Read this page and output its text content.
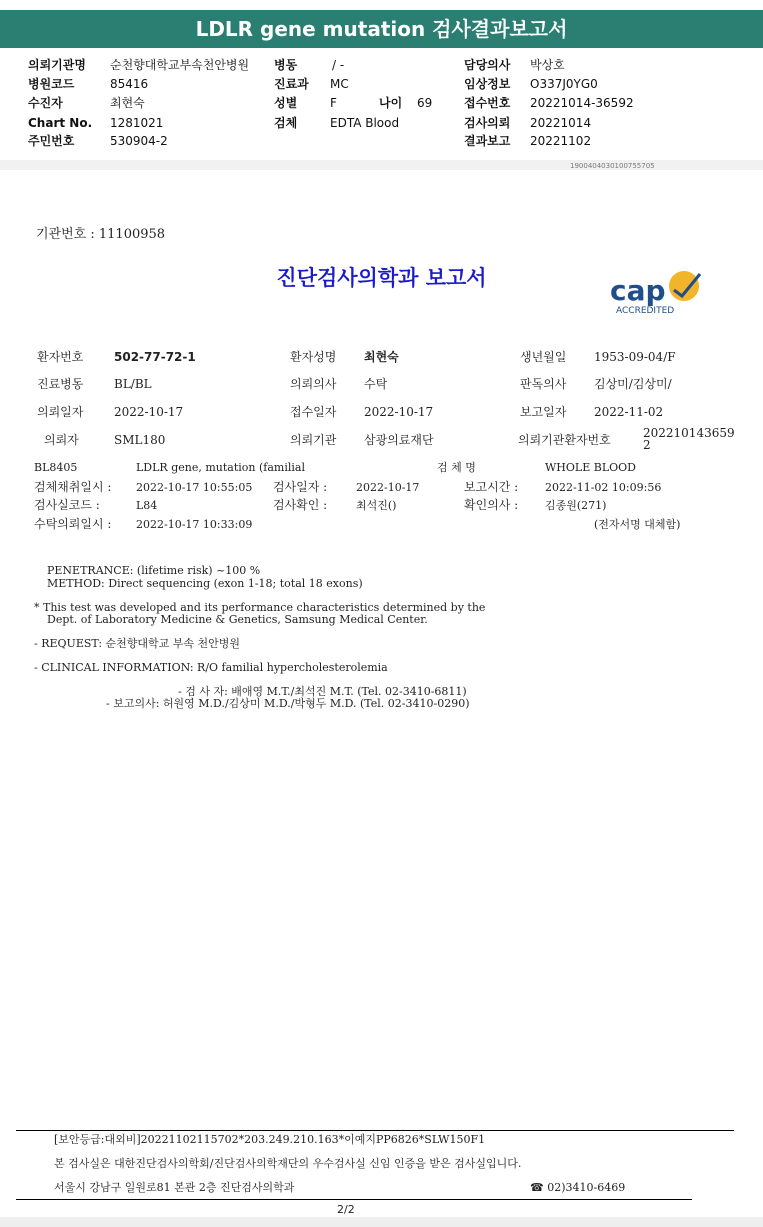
LDLR gene mutation 검사결과보고서
의뢰기관명 순천향대학교부속천안병원
병원코드	85416
수진자	최현숙
Chart No. 1281021
주민번호	530904-2
병동	/ -
진료과 MC
성별	F	나이 69
검체	EDTA Blood
담당의사 박상호
임상정보 O337J0YG0
접수번호 20221014-36592
검사의뢰 20221014
결과보고 20221102
1900404030100755705
기관번호 : 11100958
진단검사의학과 보고서	cap
ACCREDITED
환자번호	502-77-72-1	환자성명 최현숙	생년월일 1953-09-04/F
진료병동	BL/BL	의뢰의사 수탁	판독의사 김상미/김상미/
의뢰일자	2022-10-17	접수일자 2022-10-17	보고일자 2022-11-02
의뢰자	SML180	의뢰기관 삼광의료재단	의뢰기관환자번호	2022101436592
BL8405	LDLR gene, mutation (familial	검 체 명	WHOLE BLOOD
검체채취일시 : 2022-10-17 10:55:05 검사일자 :	2022-10-17	보고시간 : 2022-11-02 10:09:56
검사실코드 :	L84	검사확인 :	최석진()	확인의사 : 김종원(271)
수탁의뢰일시 : 2022-10-17 10:33:09	(전자서명 대체함)
PENETRANCE: (lifetime risk) ~100 %
METHOD: Direct sequencing (exon 1-18; total 18 exons)
* This test was developed and its performance characteristics determined by the
Dept. of Laboratory Medicine & Genetics, Samsung Medical Center.
- REQUEST: 순천향대학교 부속 천안병원
- CLINICAL INFORMATION: R/O familial hypercholesterolemia
- 검 사 자: 배애영 M.T./최석진 M.T. (Tel. 02-3410-6811)
- 보고의사: 허원영 M.D./김상미 M.D./박형두 M.D. (Tel. 02-3410-0290)
[보안등급:대외비]20221102115702*203.249.210.163*이예지PP6826*SLW150F1
본 검사실은 대한진단검사의학회/진단검사의학재단의 우수검사실 신임 인증을 받은 검사실입니다.
서울시 강남구 일원로81 본관 2층 진단검사의학과	☎ 02)3410-6469
2/2
